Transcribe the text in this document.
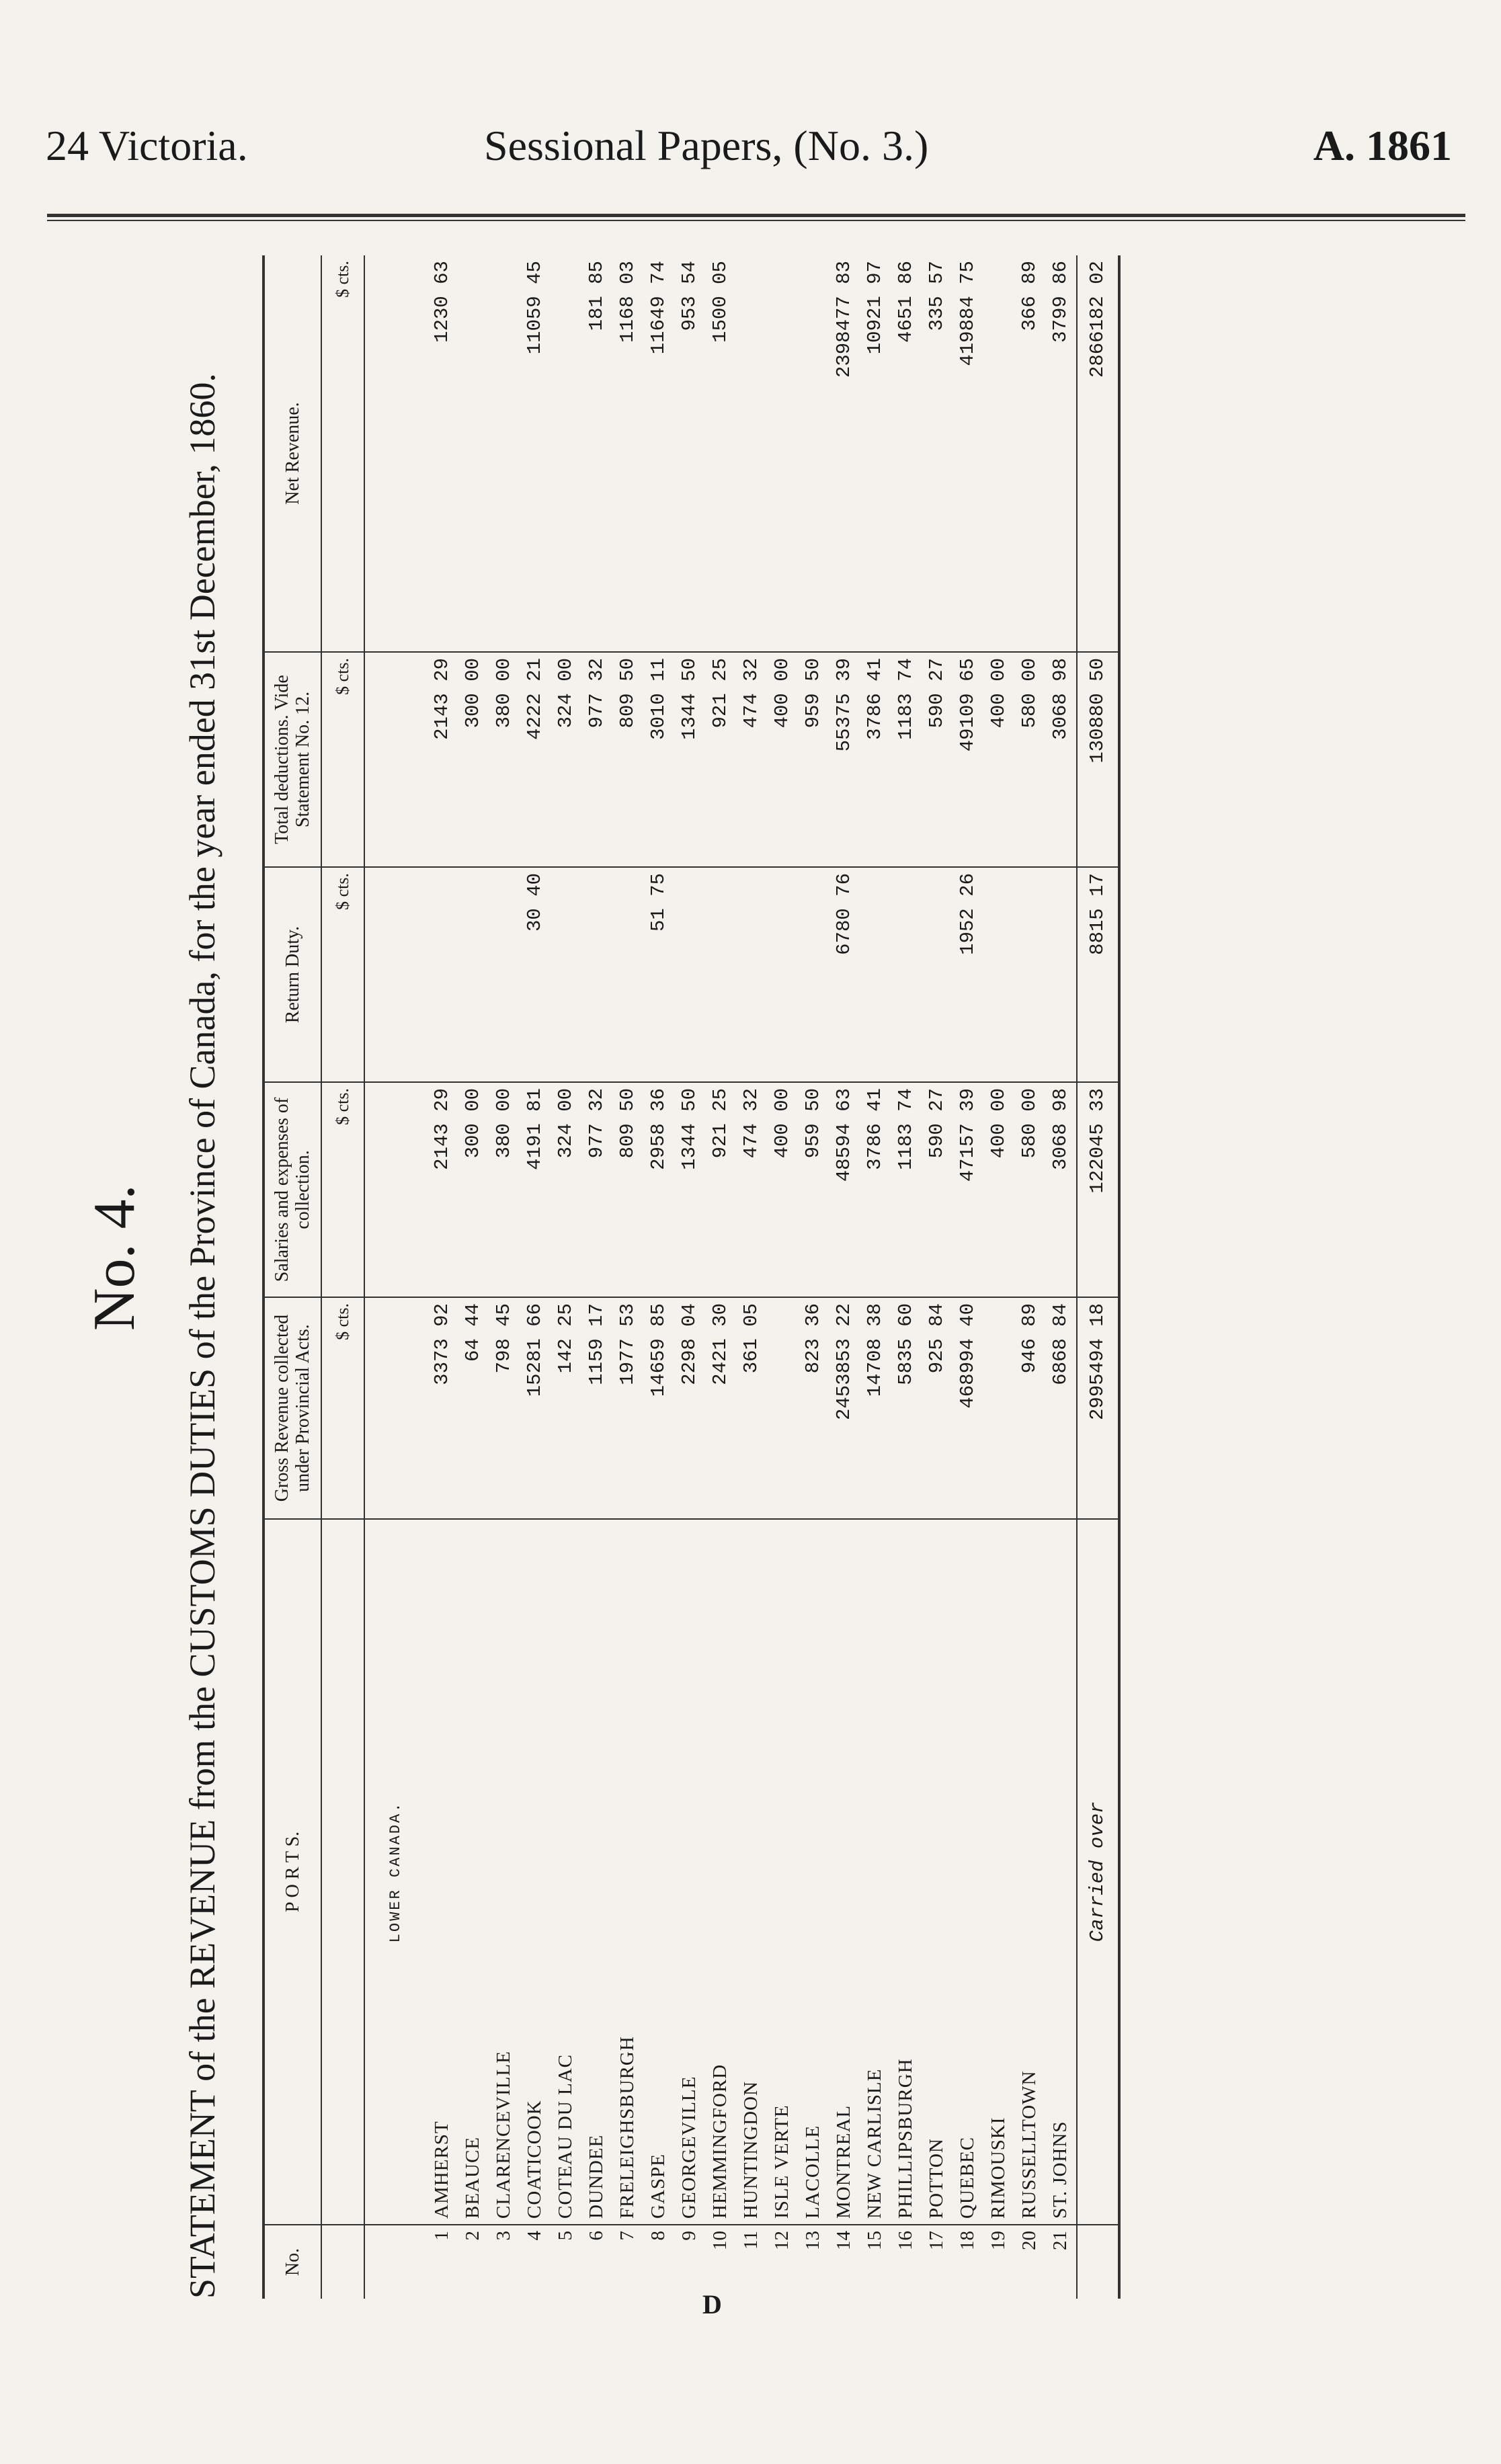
24 Victoria.	Sessional Papers, (No. 3.)	A. 1861
No. 4. STATEMENT of the REVENUE from the CUSTOMS DUTIES of the Province of Canada, for the year ended 31st December, 1860.	No.	P O R T S.	Gross Revenue collected under Provincial Acts.	Salaries and expenses of collection.	Return Duty.	Total deductions. Vide Statement No. 12.	Net Revenue.
		$ cts.	$ cts.	$ cts.	$ cts.	$ cts.
	LOWER CANADA.					
1	AMHERST	3373 92	2143 29		2143 29	1230 63
2	BEAUCE	64 44	300 00		300 00	
3	CLARENCEVILLE	798 45	380 00		380 00	
4	COATICOOK	15281 66	4191 81	30 40	4222 21	11059 45
5	COTEAU DU LAC	142 25	324 00		324 00	
6	DUNDEE	1159 17	977 32		977 32	181 85
7	FRELEIGHSBURGH	1977 53	809 50		809 50	1168 03
8	GASPE	14659 85	2958 36	51 75	3010 11	11649 74
9	GEORGEVILLE	2298 04	1344 50		1344 50	953 54
10	HEMMINGFORD	2421 30	921 25		921 25	1500 05
11	HUNTINGDON	361 05	474 32		474 32	
12	ISLE VERTE		400 00		400 00	
13	LACOLLE	823 36	959 50		959 50	
14	MONTREAL	2453853 22	48594 63	6780 76	55375 39	2398477 83
15	NEW CARLISLE	14708 38	3786 41		3786 41	10921 97
16	PHILLIPSBURGH	5835 60	1183 74		1183 74	4651 86
17	POTTON	925 84	590 27		590 27	335 57
18	QUEBEC	468994 40	47157 39	1952 26	49109 65	419884 75
19	RIMOUSKI		400 00		400 00	
20	RUSSELLTOWN	946 89	580 00		580 00	366 89
21	ST. JOHNS	6868 84	3068 98		3068 98	3799 86
	Carried over	2995494 18	122045 33	8815 17	130880 50	2866182 02
D
